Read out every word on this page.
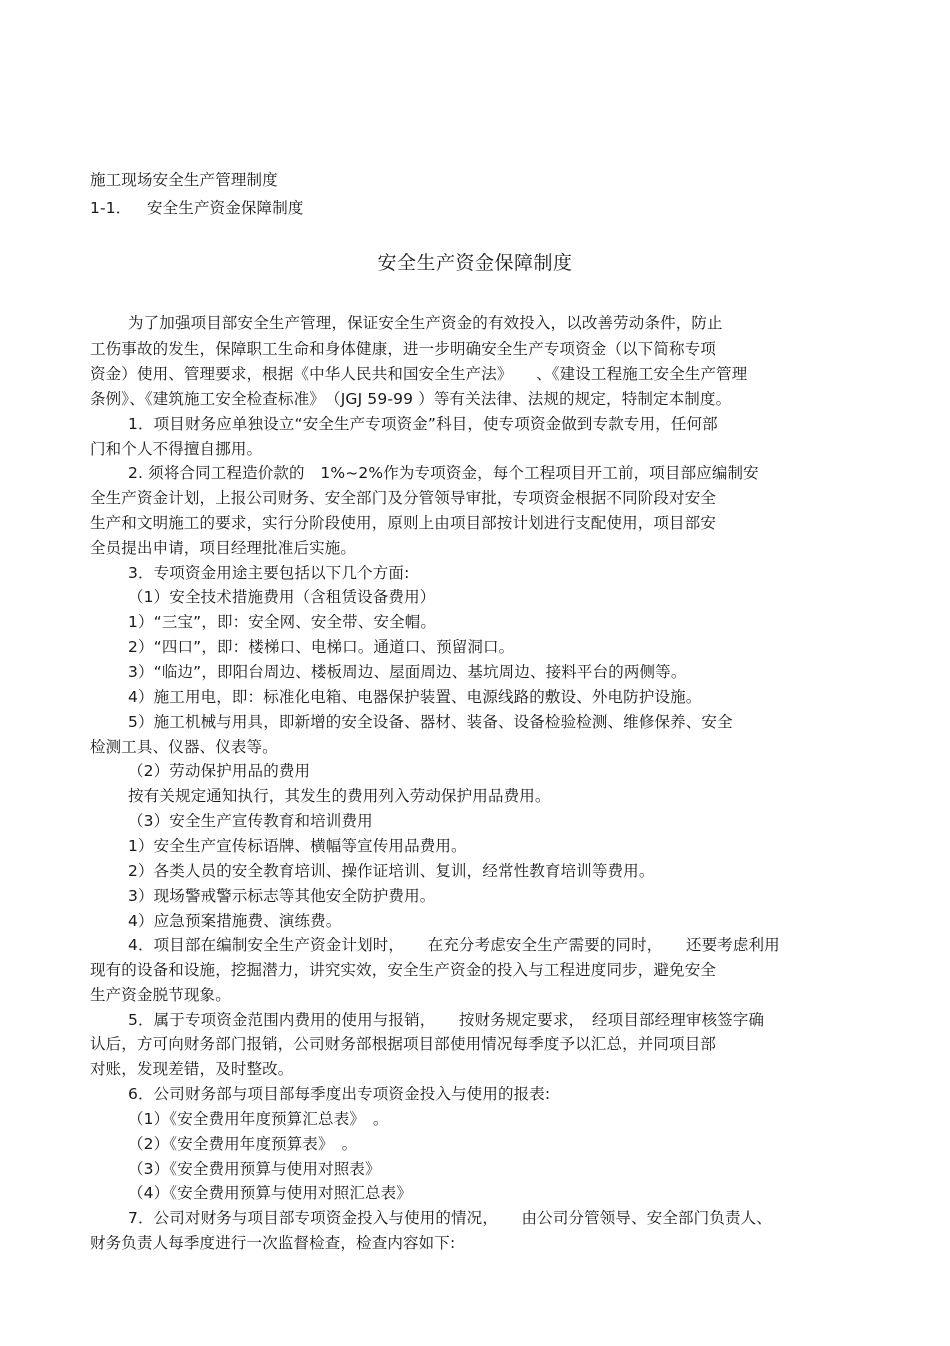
施工现场安全生产管理制度
1-1． 安全生产资金保障制度
安全生产资金保障制度
为了加强项目部安全生产管理，保证安全生产资金的有效投入，以改善劳动条件，防止
工伤事故的发生，保障职工生命和身体健康，进一步明确安全生产专项资金（以下简称专项
资金）使用、管理要求，根据《中华人民共和国安全生产法》　　、《建设工程施工安全生产管理
条例》、《建筑施工安全检查标准》　（JGJ 59-99 ）等有关法律、法规的规定，特制定本制度。
1．项目财务应单独设立“安全生产专项资金”科目，使专项资金做到专款专用，任何部
门和个人不得擅自挪用。
2. 须将合同工程造价款的　1%~2%作为专项资金，每个工程项目开工前，项目部应编制安
全生产资金计划，上报公司财务、安全部门及分管领导审批，专项资金根据不同阶段对安全
生产和文明施工的要求，实行分阶段使用，原则上由项目部按计划进行支配使用，项目部安
全员提出申请，项目经理批准后实施。
3．专项资金用途主要包括以下几个方面:
（1）安全技术措施费用（含租赁设备费用）
1）“三宝”，即：安全网、安全带、安全帽。
2）“四口”，即：楼梯口、电梯口。通道口、预留洞口。
3）“临边”，即阳台周边、楼板周边、屋面周边、基坑周边、接料平台的两侧等。
4）施工用电，即：标准化电箱、电器保护装置、电源线路的敷设、外电防护设施。
5）施工机械与用具，即新增的安全设备、器材、装备、设备检验检测、维修保养、安全
检测工具、仪器、仪表等。
（2）劳动保护用品的费用
按有关规定通知执行，其发生的费用列入劳动保护用品费用。
（3）安全生产宣传教育和培训费用
1）安全生产宣传标语牌、横幅等宣传用品费用。
2）各类人员的安全教育培训、操作证培训、复训，经常性教育培训等费用。
3）现场警戒警示标志等其他安全防护费用。
4）应急预案措施费、演练费。
4．项目部在编制安全生产资金计划时，　　在充分考虑安全生产需要的同时，　　还要考虑利用
现有的设备和设施，挖掘潜力，讲究实效，安全生产资金的投入与工程进度同步，避免安全
生产资金脱节现象。
5．属于专项资金范围内费用的使用与报销，　　按财务规定要求，　经项目部经理审核签字确
认后，方可向财务部门报销，公司财务部根据项目部使用情况每季度予以汇总，并同项目部
对账，发现差错，及时整改。
6．公司财务部与项目部每季度出专项资金投入与使用的报表:
（1）《安全费用年度预算汇总表》　。
（2）《安全费用年度预算表》　。
（3）《安全费用预算与使用对照表》
（4）《安全费用预算与使用对照汇总表》
7．公司对财务与项目部专项资金投入与使用的情况，　　由公司分管领导、安全部门负责人、
财务负责人每季度进行一次监督检查，检查内容如下:
